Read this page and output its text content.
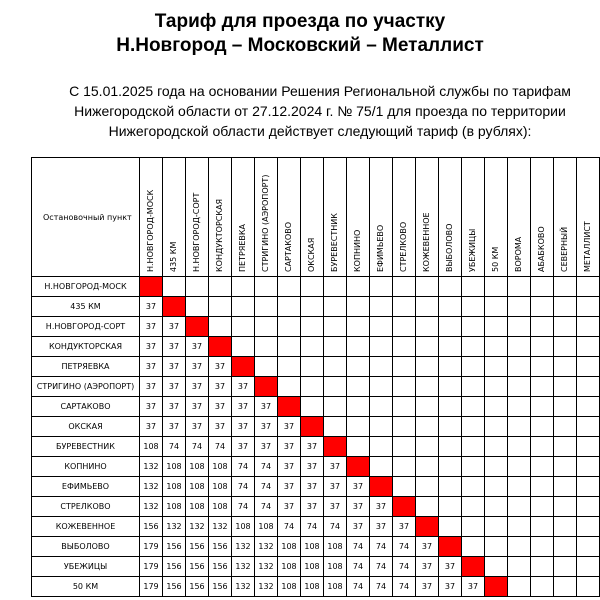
Тариф для проезда по участку
Н.Новгород – Московский – Металлист
С 15.01.2025 года на основании Решения Региональной службы по тарифам
Нижегородской области от 27.12.2024 г. № 75/1 для проезда по территории
Нижегородской области действует следующий тариф (в рублях):
Остановочный пункт	Н.НОВГОРОД-МОСК	435 КМ	Н.НОВГОРОД-СОРТ	КОНДУКТОРСКАЯ	ПЕТРЯЕВКА	СТРИГИНО (АЭРОПОРТ)	САРТАКОВО	ОКСКАЯ	БУРЕВЕСТНИК	КОПНИНО	ЕФИМЬЕВО	СТРЕЛКОВО	КОЖЕВЕННОЕ	ВЫБОЛОВО	УБЕЖИЦЫ	50 КМ	ВОРОМА	АБАБКОВО	СЕВЕРНЫЙ	МЕТАЛЛИСТ
Н.НОВГОРОД-МОСК																				
435 КМ	37																			
Н.НОВГОРОД-СОРТ	37	37																		
КОНДУКТОРСКАЯ	37	37	37																	
ПЕТРЯЕВКА	37	37	37	37																
СТРИГИНО (АЭРОПОРТ)	37	37	37	37	37															
САРТАКОВО	37	37	37	37	37	37														
ОКСКАЯ	37	37	37	37	37	37	37													
БУРЕВЕСТНИК	108	74	74	74	37	37	37	37												
КОПНИНО	132	108	108	108	74	74	37	37	37											
ЕФИМЬЕВО	132	108	108	108	74	74	37	37	37	37										
СТРЕЛКОВО	132	108	108	108	74	74	37	37	37	37	37									
КОЖЕВЕННОЕ	156	132	132	132	108	108	74	74	74	37	37	37								
ВЫБОЛОВО	179	156	156	156	132	132	108	108	108	74	74	74	37							
УБЕЖИЦЫ	179	156	156	156	132	132	108	108	108	74	74	74	37	37						
50 КМ	179	156	156	156	132	132	108	108	108	74	74	74	37	37	37					
